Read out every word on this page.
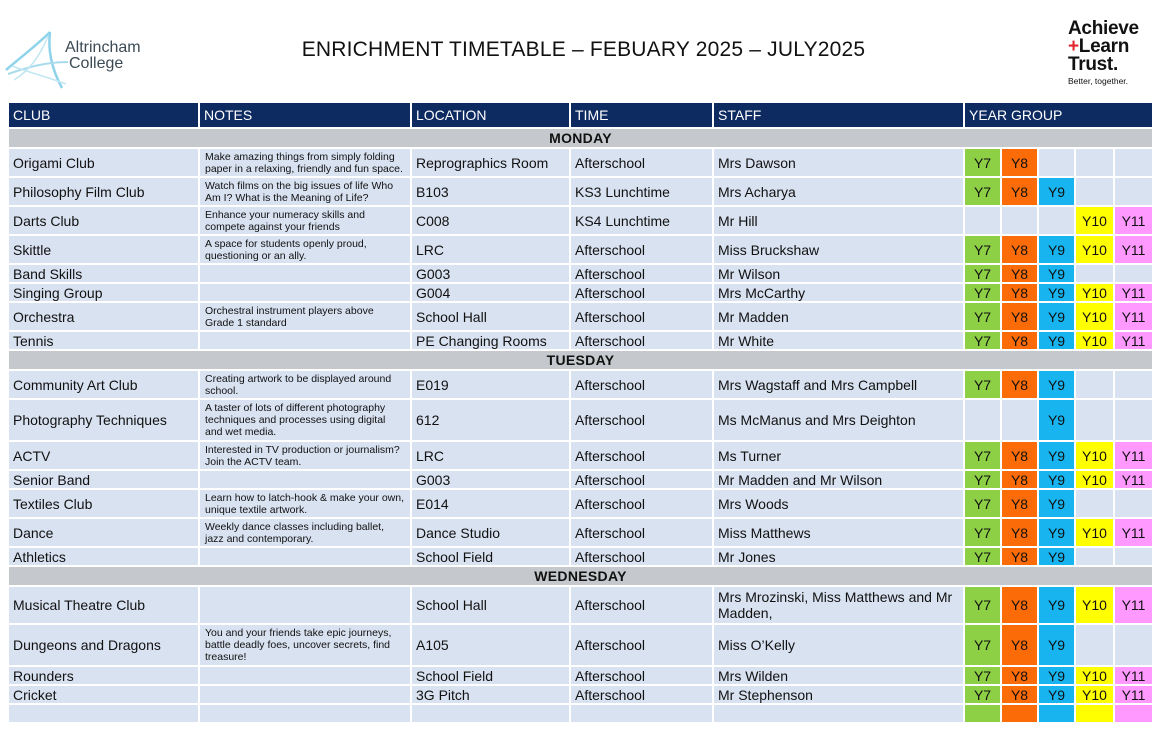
Altrincham
College
ENRICHMENT TIMETABLE – FEBUARY 2025 – JULY2025
Achieve
+Learn
Trust.
Better, together.
CLUB	NOTES	LOCATION	TIME	STAFF	YEAR GROUP				
MONDAY									
Origami Club	Make amazing things from simply folding paper in a relaxing, friendly and fun space.	Reprographics Room	Afterschool	Mrs Dawson	Y7	Y8			
Philosophy Film Club	Watch films on the big issues of life Who Am I? What is the Meaning of Life?	B103	KS3 Lunchtime	Mrs Acharya	Y7	Y8	Y9		
Darts Club	Enhance your numeracy skills and compete against your friends	C008	KS4 Lunchtime	Mr Hill				Y10	Y11
Skittle	A space for students openly proud, questioning or an ally.	LRC	Afterschool	Miss Bruckshaw	Y7	Y8	Y9	Y10	Y11
Band Skills		G003	Afterschool	Mr Wilson	Y7	Y8	Y9		
Singing Group		G004	Afterschool	Mrs McCarthy	Y7	Y8	Y9	Y10	Y11
Orchestra	Orchestral instrument players above Grade 1 standard	School Hall	Afterschool	Mr Madden	Y7	Y8	Y9	Y10	Y11
Tennis		PE Changing Rooms	Afterschool	Mr White	Y7	Y8	Y9	Y10	Y11
TUESDAY									
Community Art Club	Creating artwork to be displayed around school.	E019	Afterschool	Mrs Wagstaff and Mrs Campbell	Y7	Y8	Y9		
Photography Techniques	A taster of lots of different photography techniques and processes using digital and wet media.	612	Afterschool	Ms McManus and Mrs Deighton			Y9		
ACTV	Interested in TV production or journalism? Join the ACTV team.	LRC	Afterschool	Ms Turner	Y7	Y8	Y9	Y10	Y11
Senior Band		G003	Afterschool	Mr Madden and Mr Wilson	Y7	Y8	Y9	Y10	Y11
Textiles Club	Learn how to latch-hook & make your own, unique textile artwork.	E014	Afterschool	Mrs Woods	Y7	Y8	Y9		
Dance	Weekly dance classes including ballet, jazz and contemporary.	Dance Studio	Afterschool	Miss Matthews	Y7	Y8	Y9	Y10	Y11
Athletics		School Field	Afterschool	Mr Jones	Y7	Y8	Y9		
WEDNESDAY									
Musical Theatre Club		School Hall	Afterschool	Mrs Mrozinski, Miss Matthews and Mr Madden,	Y7	Y8	Y9	Y10	Y11
Dungeons and Dragons	You and your friends take epic journeys, battle deadly foes, uncover secrets, find treasure!	A105	Afterschool	Miss O’Kelly	Y7	Y8	Y9		
Rounders		School Field	Afterschool	Mrs Wilden	Y7	Y8	Y9	Y10	Y11
Cricket		3G Pitch	Afterschool	Mr Stephenson	Y7	Y8	Y9	Y10	Y11
